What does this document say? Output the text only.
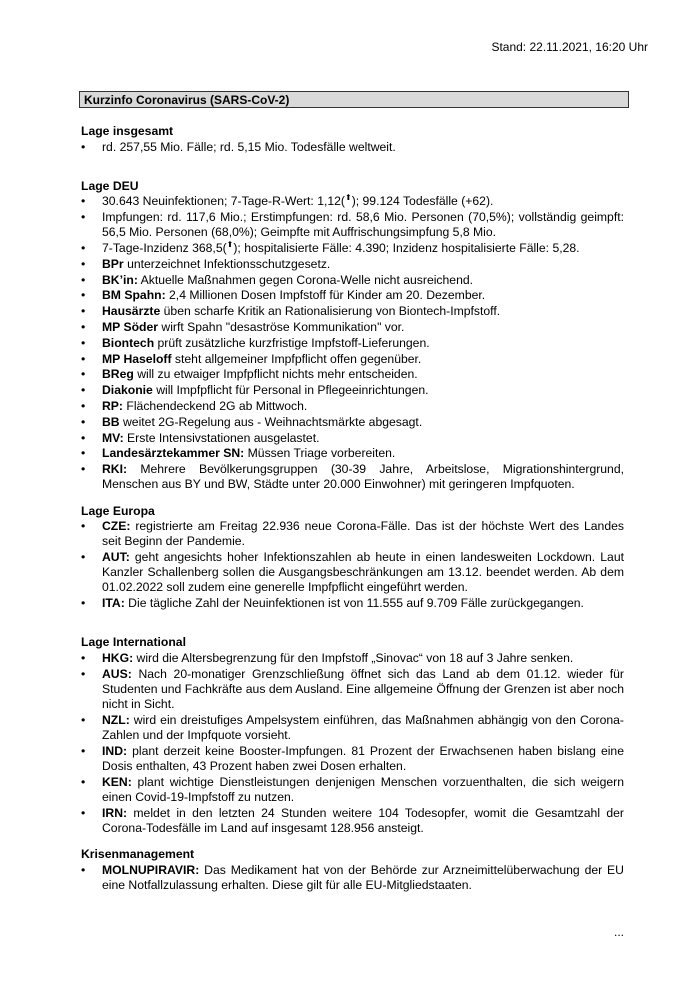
Stand: 22.11.2021, 16:20 Uhr
Kurzinfo Coronavirus (SARS-CoV-2)
Lage insgesamt
• rd. 257,55 Mio. Fälle; rd. 5,15 Mio. Todesfälle weltweit.
Lage DEU
• 30.643 Neuinfektionen; 7-Tage-R-Wert: 1,12(⬆); 99.124 Todesfälle (+62).
• Impfungen: rd. 117,6 Mio.; Erstimpfungen: rd. 58,6 Mio. Personen (70,5%); vollständig geimpft: 56,5 Mio. Personen (68,0%); Geimpfte mit Auffrischungsimpfung 5,8 Mio.
• 7-Tage-Inzidenz 368,5(⬆); hospitalisierte Fälle: 4.390; Inzidenz hospitalisierte Fälle: 5,28.
• BPr unterzeichnet Infektionsschutzgesetz.
• BK’in: Aktuelle Maßnahmen gegen Corona-Welle nicht ausreichend.
• BM Spahn: 2,4 Millionen Dosen Impfstoff für Kinder am 20. Dezember.
• Hausärzte üben scharfe Kritik an Rationalisierung von Biontech-Impfstoff.
• MP Söder wirft Spahn "desaströse Kommunikation" vor.
• Biontech prüft zusätzliche kurzfristige Impfstoff-Lieferungen.
• MP Haseloff steht allgemeiner Impfpflicht offen gegenüber.
• BReg will zu etwaiger Impfpflicht nichts mehr entscheiden.
• Diakonie will Impfpflicht für Personal in Pflegeeinrichtungen.
• RP: Flächendeckend 2G ab Mittwoch.
• BB weitet 2G-Regelung aus - Weihnachtsmärkte abgesagt.
• MV: Erste Intensivstationen ausgelastet.
• Landesärztekammer SN: Müssen Triage vorbereiten.
• RKI: Mehrere Bevölkerungsgruppen (30-39 Jahre, Arbeitslose, Migrationshintergrund, Menschen aus BY und BW, Städte unter 20.000 Einwohner) mit geringeren Impfquoten.
Lage Europa
• CZE: registrierte am Freitag 22.936 neue Corona-Fälle. Das ist der höchste Wert des Landes seit Beginn der Pandemie.
• AUT: geht angesichts hoher Infektionszahlen ab heute in einen landesweiten Lockdown. Laut Kanzler Schallenberg sollen die Ausgangsbeschränkungen am 13.12. beendet werden. Ab dem 01.02.2022 soll zudem eine generelle Impfpflicht eingeführt werden.
• ITA: Die tägliche Zahl der Neuinfektionen ist von 11.555 auf 9.709 Fälle zurückgegangen.
Lage International
• HKG: wird die Altersbegrenzung für den Impfstoff „Sinovac“ von 18 auf 3 Jahre senken.
• AUS: Nach 20-monatiger Grenzschließung öffnet sich das Land ab dem 01.12. wieder für Studenten und Fachkräfte aus dem Ausland. Eine allgemeine Öffnung der Grenzen ist aber noch nicht in Sicht.
• NZL: wird ein dreistufiges Ampelsystem einführen, das Maßnahmen abhängig von den Corona-Zahlen und der Impfquote vorsieht.
• IND: plant derzeit keine Booster-Impfungen. 81 Prozent der Erwachsenen haben bislang eine Dosis enthalten, 43 Prozent haben zwei Dosen erhalten.
• KEN: plant wichtige Dienstleistungen denjenigen Menschen vorzuenthalten, die sich weigern einen Covid-19-Impfstoff zu nutzen.
• IRN: meldet in den letzten 24 Stunden weitere 104 Todesopfer, womit die Gesamtzahl der Corona-Todesfälle im Land auf insgesamt 128.956 ansteigt.
Krisenmanagement
• MOLNUPIRAVIR: Das Medikament hat von der Behörde zur Arzneimittelüberwachung der EU eine Notfallzulassung erhalten. Diese gilt für alle EU-Mitgliedstaaten.
...
